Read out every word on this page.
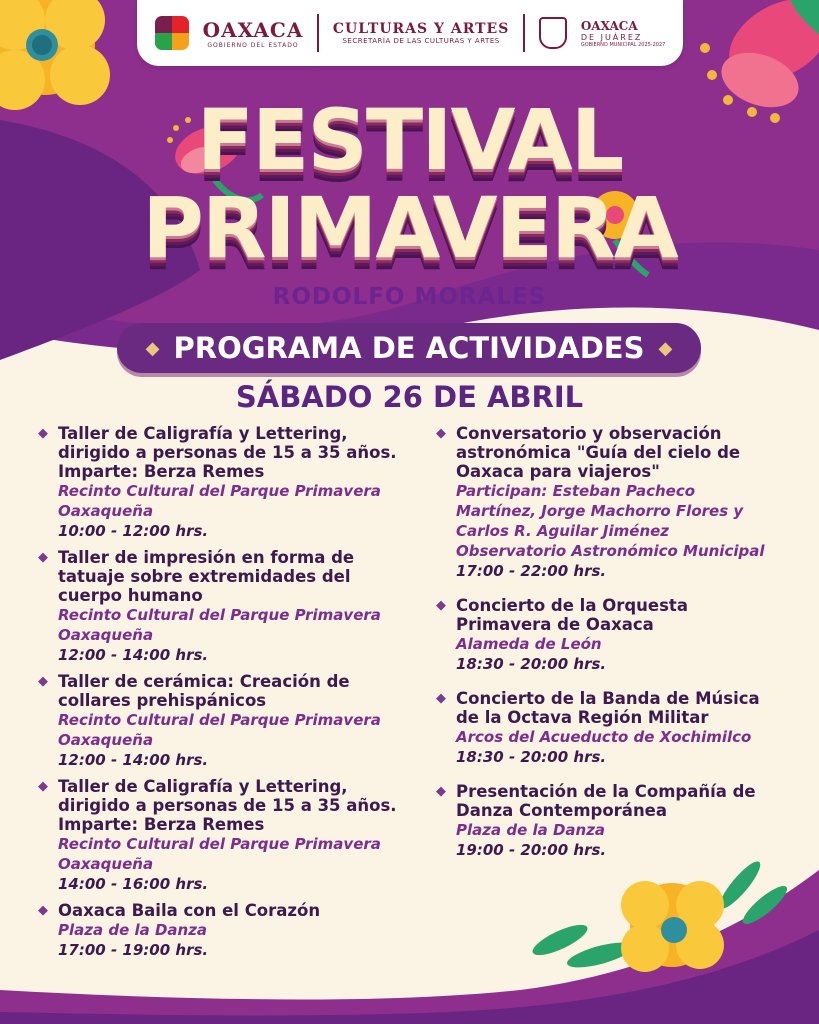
OAXACA
GOBIERNO DEL ESTADO
CULTURAS Y ARTES
SECRETARÍA DE LAS CULTURAS Y ARTES
OAXACA
DE JUÁREZ
GOBIERNO MUNICIPAL 2025-2027
FESTIVAL
PRIMAVERA
RODOLFO MORALES
◆ PROGRAMA DE ACTIVIDADES ◆
SÁBADO 26 DE ABRIL
◆ Taller de Caligrafía y Lettering,
dirigido a personas de 15 a 35 años.
Imparte: Berza Remes
Recinto Cultural del Parque Primavera
Oaxaqueña
10:00 - 12:00 hrs.
◆ Taller de impresión en forma de
tatuaje sobre extremidades del
cuerpo humano
Recinto Cultural del Parque Primavera
Oaxaqueña
12:00 - 14:00 hrs.
◆ Taller de cerámica: Creación de
collares prehispánicos
Recinto Cultural del Parque Primavera
Oaxaqueña
12:00 - 14:00 hrs.
◆ Taller de Caligrafía y Lettering,
dirigido a personas de 15 a 35 años.
Imparte: Berza Remes
Recinto Cultural del Parque Primavera
Oaxaqueña
14:00 - 16:00 hrs.
◆ Oaxaca Baila con el Corazón
Plaza de la Danza
17:00 - 19:00 hrs.
◆ Conversatorio y observación
astronómica "Guía del cielo de
Oaxaca para viajeros"
Participan: Esteban Pacheco
Martínez, Jorge Machorro Flores y
Carlos R. Aguilar Jiménez
Observatorio Astronómico Municipal
17:00 - 22:00 hrs.
◆ Concierto de la Orquesta
Primavera de Oaxaca
Alameda de León
18:30 - 20:00 hrs.
◆ Concierto de la Banda de Música
de la Octava Región Militar
Arcos del Acueducto de Xochimilco
18:30 - 20:00 hrs.
◆ Presentación de la Compañía de
Danza Contemporánea
Plaza de la Danza
19:00 - 20:00 hrs.
